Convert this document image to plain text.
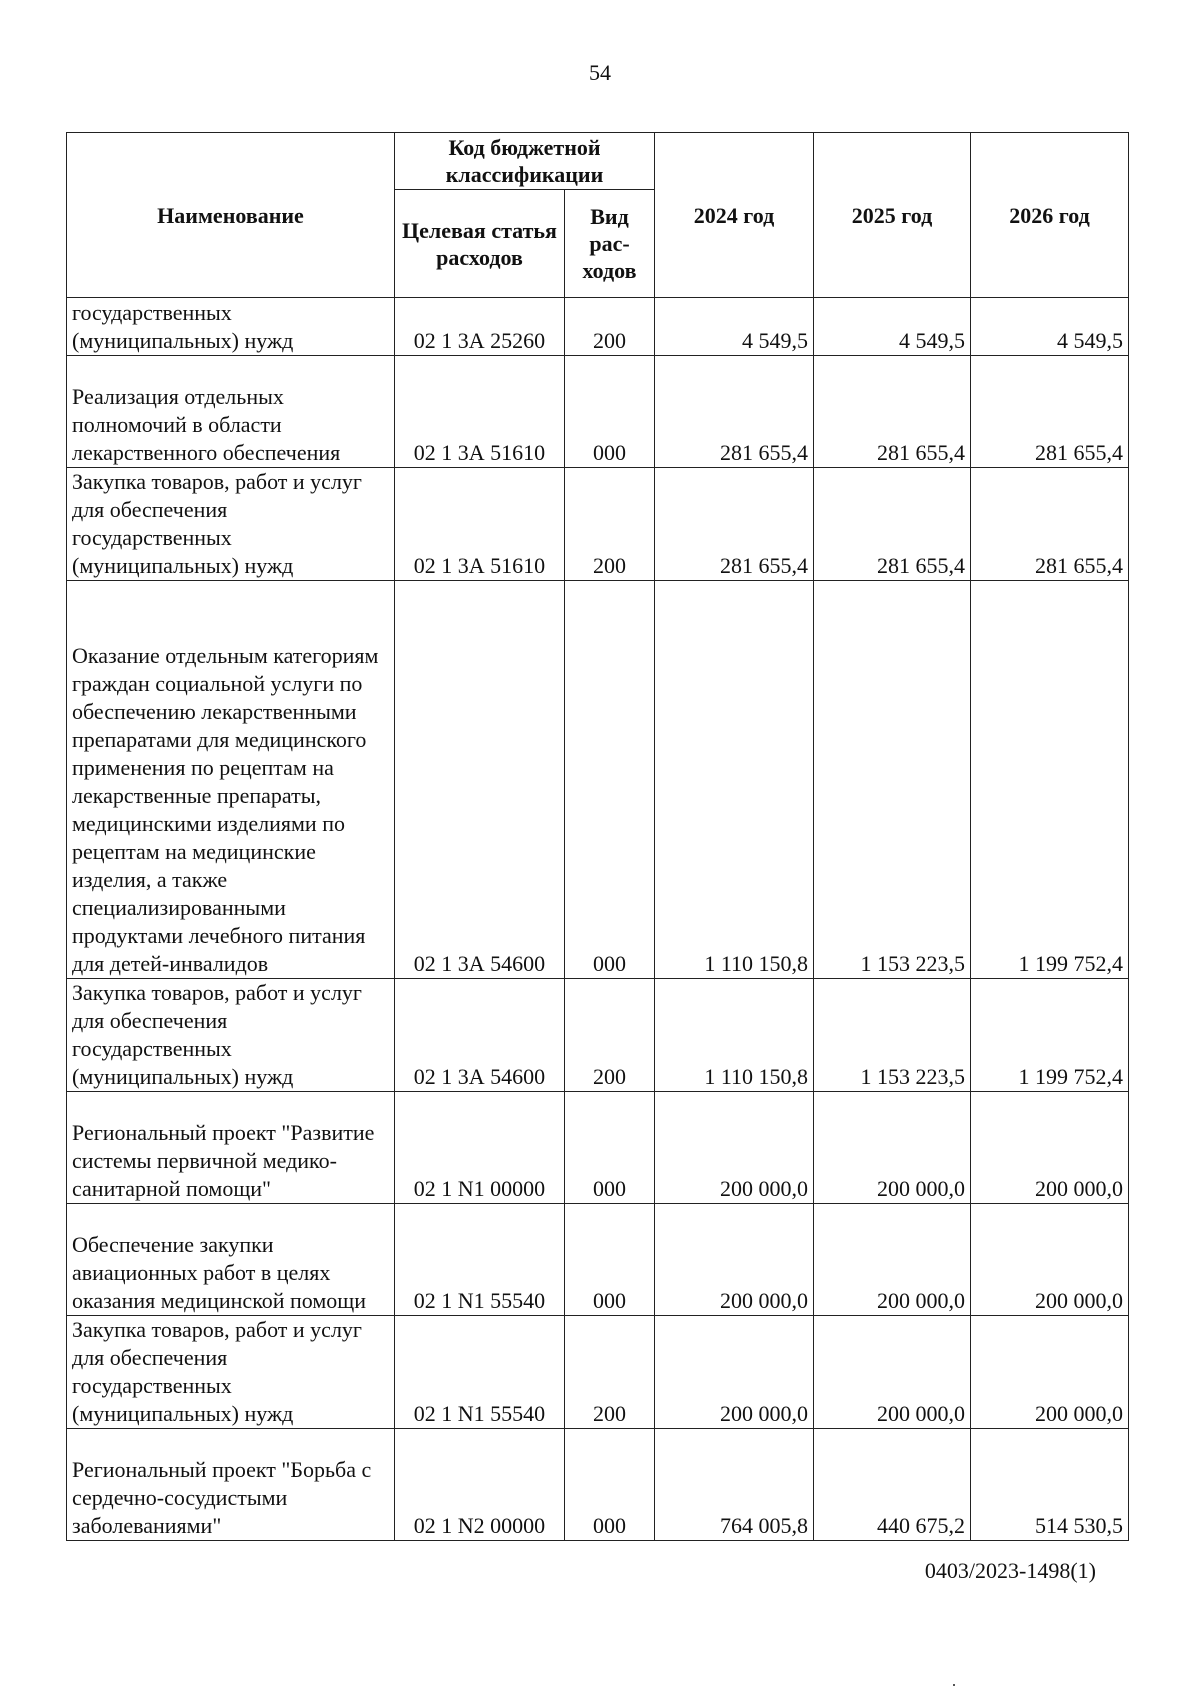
54
Наименование	Код бюджетной классификации		2024 год	2025 год	2026 год
	Целевая статья расходов	Вид рас-ходов			
государственных (муниципальных) нужд	02 1 3А 25260	200	4 549,5	4 549,5	4 549,5
Реализация отдельных полномочий в области лекарственного обеспечения	02 1 3А 51610	000	281 655,4	281 655,4	281 655,4
Закупка товаров, работ и услуг для обеспечения государственных (муниципальных) нужд	02 1 3А 51610	200	281 655,4	281 655,4	281 655,4
Оказание отдельным категориям граждан социальной услуги по обеспечению лекарственными препаратами для медицинского применения по рецептам на лекарственные препараты, медицинскими изделиями по рецептам на медицинские изделия, а также специализированными продуктами лечебного питания для детей-инвалидов	02 1 3А 54600	000	1 110 150,8	1 153 223,5	1 199 752,4
Закупка товаров, работ и услуг для обеспечения государственных (муниципальных) нужд	02 1 3А 54600	200	1 110 150,8	1 153 223,5	1 199 752,4
Региональный проект "Развитие системы первичной медико-санитарной помощи"	02 1 N1 00000	000	200 000,0	200 000,0	200 000,0
Обеспечение закупки авиационных работ в целях оказания медицинской помощи	02 1 N1 55540	000	200 000,0	200 000,0	200 000,0
Закупка товаров, работ и услуг для обеспечения государственных (муниципальных) нужд	02 1 N1 55540	200	200 000,0	200 000,0	200 000,0
Региональный проект "Борьба с сердечно-сосудистыми заболеваниями"	02 1 N2 00000	000	764 005,8	440 675,2	514 530,5
0403/2023-1498(1)
